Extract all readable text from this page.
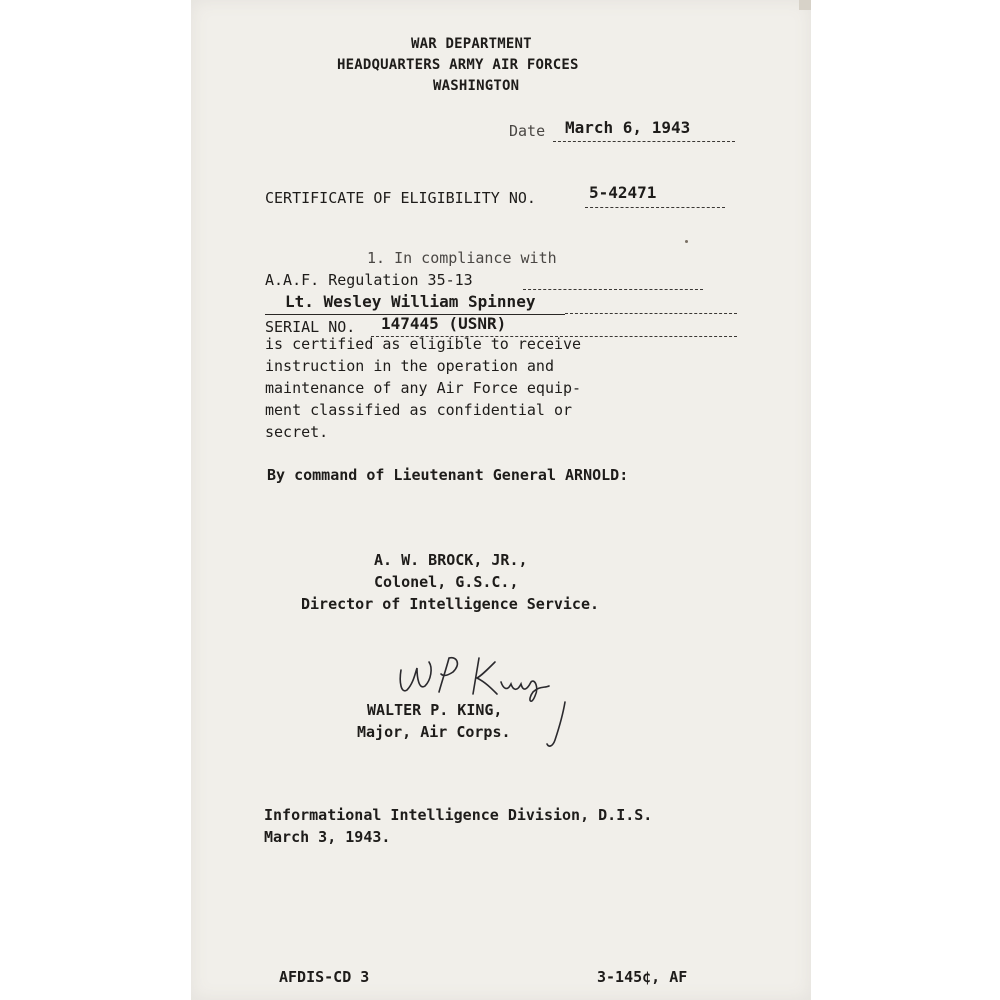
WAR DEPARTMENT

HEADQUARTERS ARMY AIR FORCES

WASHINGTON

Date March 6, 1943

CERTIFICATE OF ELIGIBILITY NO.	5-42471

1. In compliance with

A.A.F. Regulation 35-13

Lt. Wesley William Spinney

SERIAL NO. 147445 (USNR)

is certified as eligible to receive

instruction in the operation and

maintenance of any Air Force equip-

ment classified as confidential or

secret.

By command of Lieutenant General ARNOLD:

A. W. BROCK, JR.,

Colonel, G.S.C.,

Director of Intelligence Service.

WALTER P. KING,

Major, Air Corps.

Informational Intelligence Division, D.I.S.

March 3, 1943.

AFDIS-CD 3	3-145¢, AF
